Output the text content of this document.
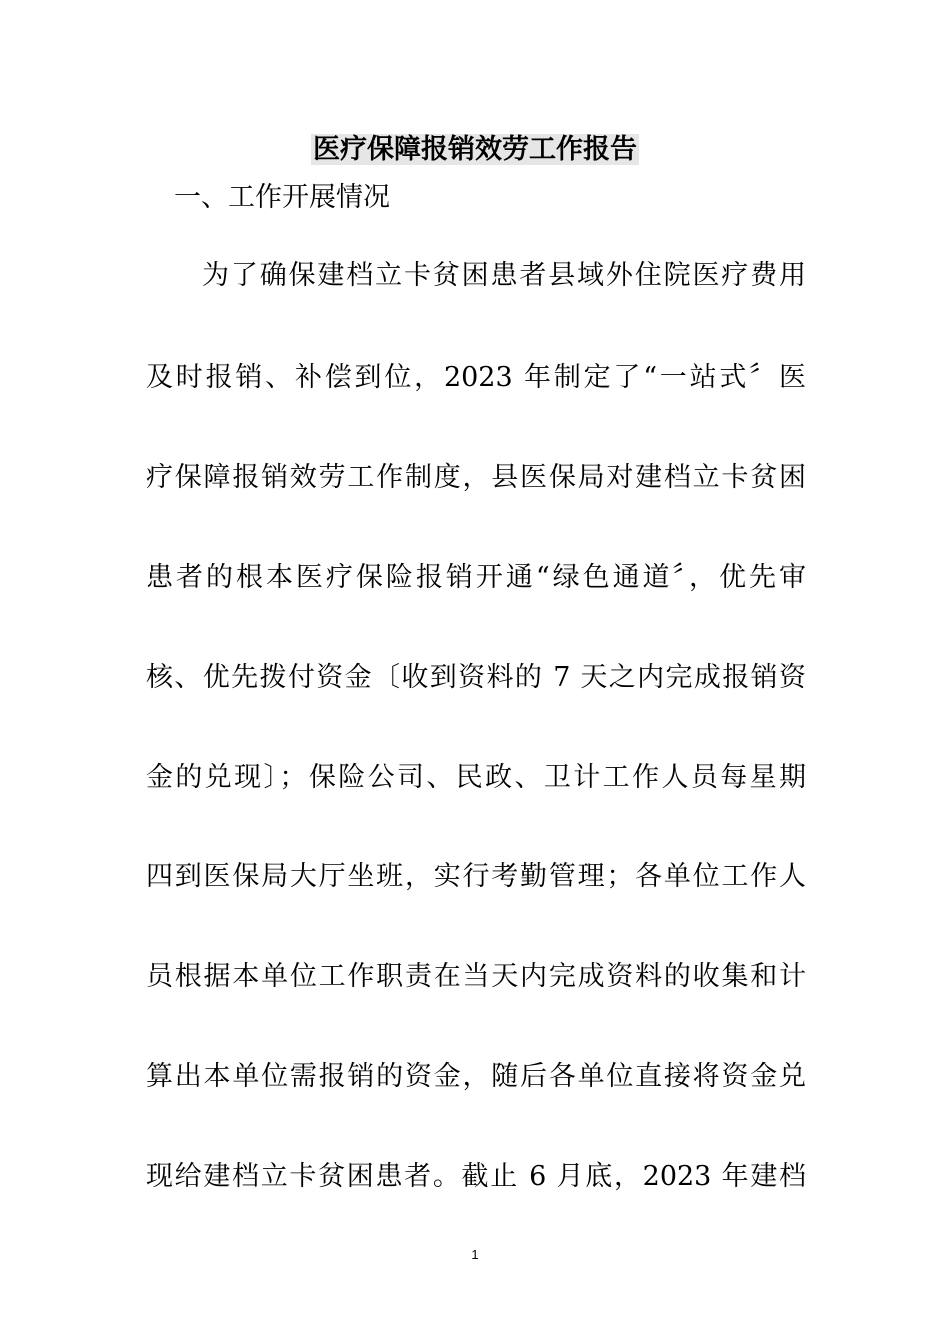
医疗保障报销效劳工作报告
一、工作开展情况
为了确保建档立卡贫困患者县域外住院医疗费用
及时报销、补偿到位，2023 年制定了“一站式〞医
疗保障报销效劳工作制度，县医保局对建档立卡贫困
患者的根本医疗保险报销开通“绿色通道〞，优先审
核、优先拨付资金〔收到资料的 7 天之内完成报销资
金的兑现〕；保险公司、民政、卫计工作人员每星期
四到医保局大厅坐班，实行考勤管理；各单位工作人
员根据本单位工作职责在当天内完成资料的收集和计
算出本单位需报销的资金，随后各单位直接将资金兑
现给建档立卡贫困患者。截止 6 月底，2023 年建档
1
